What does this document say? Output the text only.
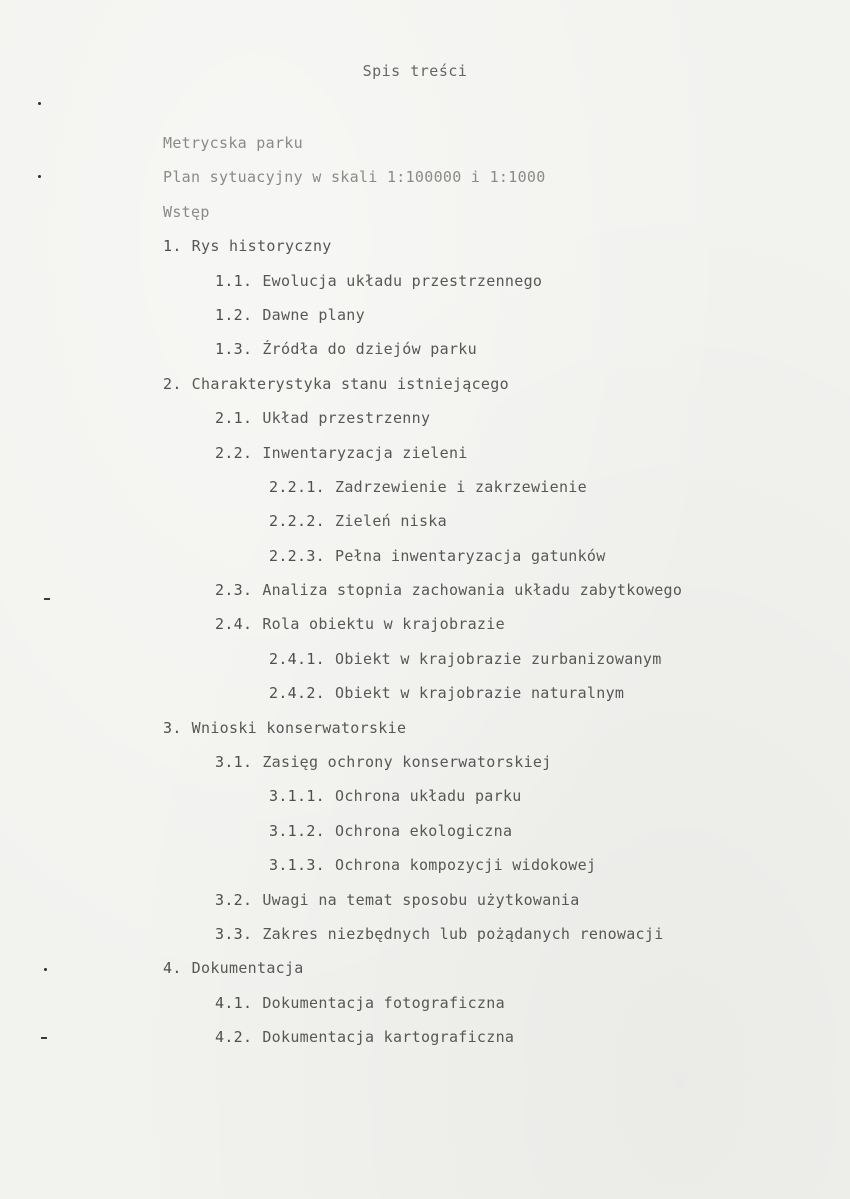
Spis treści
Metrycska parku
Plan sytuacyjny w skali 1:100000 i 1:1000
Wstęp
1. Rys historyczny
1.1. Ewolucja układu przestrzennego
1.2. Dawne plany
1.3. Źródła do dziejów parku
2. Charakterystyka stanu istniejącego
2.1. Układ przestrzenny
2.2. Inwentaryzacja zieleni
2.2.1. Zadrzewienie i zakrzewienie
2.2.2. Zieleń niska
2.2.3. Pełna inwentaryzacja gatunków
2.3. Analiza stopnia zachowania układu zabytkowego
2.4. Rola obiektu w krajobrazie
2.4.1. Obiekt w krajobrazie zurbanizowanym
2.4.2. Obiekt w krajobrazie naturalnym
3. Wnioski konserwatorskie
3.1. Zasięg ochrony konserwatorskiej
3.1.1. Ochrona układu parku
3.1.2. Ochrona ekologiczna
3.1.3. Ochrona kompozycji widokowej
3.2. Uwagi na temat sposobu użytkowania
3.3. Zakres niezbędnych lub pożądanych renowacji
4. Dokumentacja
4.1. Dokumentacja fotograficzna
4.2. Dokumentacja kartograficzna
